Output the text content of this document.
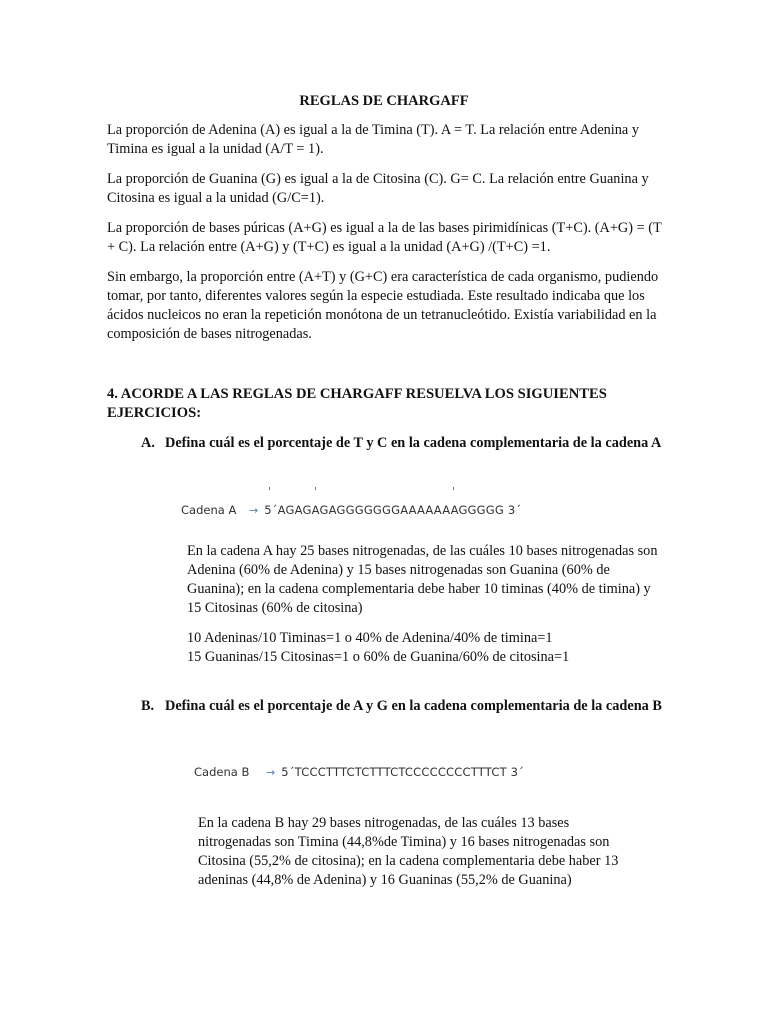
REGLAS DE CHARGAFF

La proporción de Adenina (A) es igual a la de Timina (T). A = T. La relación entre Adenina y Timina es igual a la unidad (A/T = 1).

La proporción de Guanina (G) es igual a la de Citosina (C). G= C. La relación entre Guanina y Citosina es igual a la unidad (G/C=1).

La proporción de bases púricas (A+G) es igual a la de las bases pirimidínicas (T+C). (A+G) = (T + C). La relación entre (A+G) y (T+C) es igual a la unidad (A+G) /(T+C) =1.

Sin embargo, la proporción entre (A+T) y (G+C) era característica de cada organismo, pudiendo tomar, por tanto, diferentes valores según la especie estudiada. Este resultado indicaba que los ácidos nucleicos no eran la repetición monótona de un tetranucleótido. Existía variabilidad en la composición de bases nitrogenadas.

4. ACORDE A LAS REGLAS DE CHARGAFF RESUELVA LOS SIGUIENTES EJERCICIOS:

A. Defina cuál es el porcentaje de T y C en la cadena complementaria de la cadena A

Cadena A	→ 5´AGAGAGAGGGGGGGAAAAAAAGGGGG 3´

En la cadena A hay 25 bases nitrogenadas, de las cuáles 10 bases nitrogenadas son Adenina (60% de Adenina) y 15 bases nitrogenadas son Guanina (60% de Guanina); en la cadena complementaria debe haber 10 timinas (40% de timina) y 15 Citosinas (60% de citosina)

10 Adeninas/10 Timinas=1 o 40% de Adenina/40% de timina=1
15 Guaninas/15 Citosinas=1 o 60% de Guanina/60% de citosina=1

B. Defina cuál es el porcentaje de A y G en la cadena complementaria de la cadena B

Cadena B	→ 5´TCCCTTTCTCTTTCTCCCCCCCCTTTCT 3´

En la cadena B hay 29 bases nitrogenadas, de las cuáles 13 bases nitrogenadas son Timina (44,8%de Timina) y 16 bases nitrogenadas son Citosina (55,2% de citosina); en la cadena complementaria debe haber 13 adeninas (44,8% de Adenina) y 16 Guaninas (55,2% de Guanina)
